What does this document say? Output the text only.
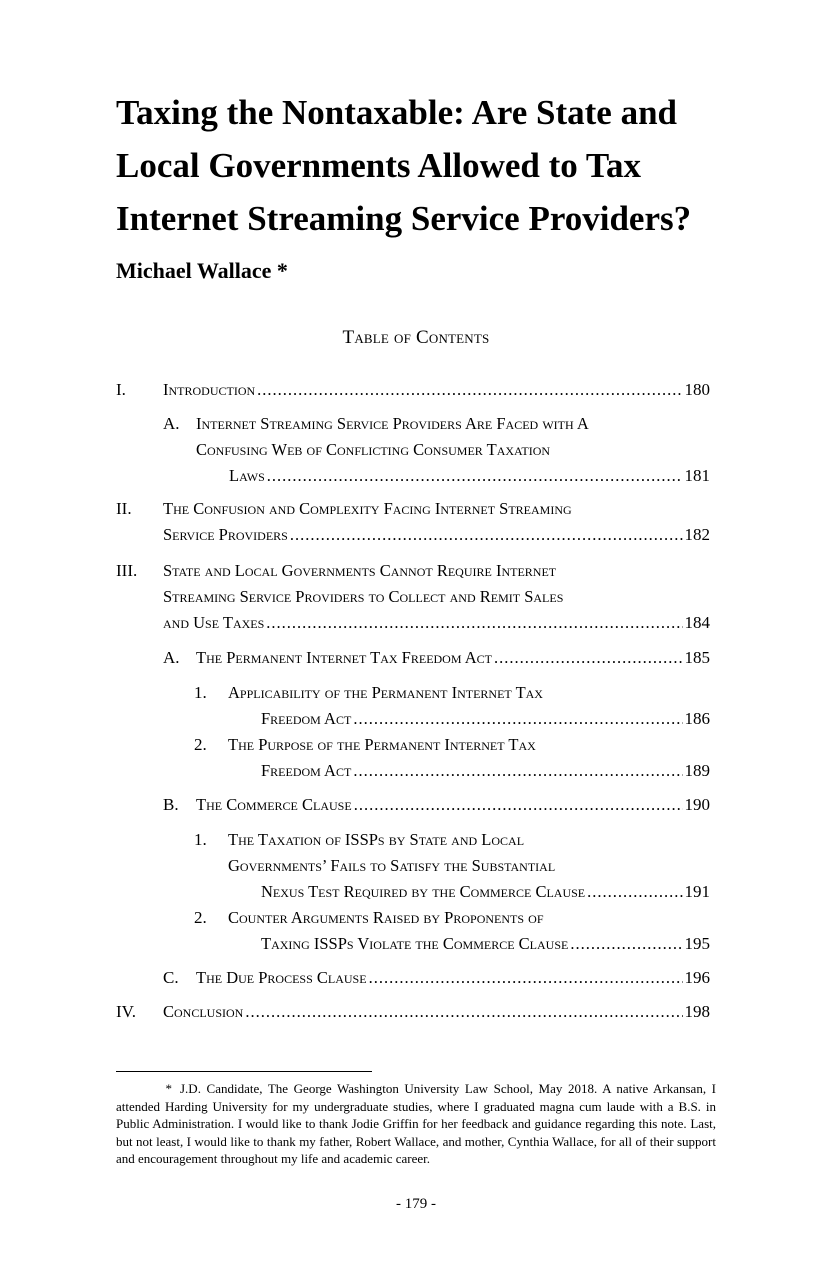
Taxing the Nontaxable: Are State and
Local Governments Allowed to Tax
Internet Streaming Service Providers?

Michael Wallace *

Table of Contents

I. Introduction .....	180
A. Internet Streaming Service Providers Are Faced with A
Confusing Web of Conflicting Consumer Taxation
Laws .....	181
II. The Confusion and Complexity Facing Internet Streaming
Service Providers .....	182
III. State and Local Governments Cannot Require Internet
Streaming Service Providers to Collect and Remit Sales
and Use Taxes .....	184
A. The Permanent Internet Tax Freedom Act .....	185
1. Applicability of the Permanent Internet Tax
Freedom Act .....	186
2. The Purpose of the Permanent Internet Tax
Freedom Act .....	189
B. The Commerce Clause .....	190
1. The Taxation of ISSPs by State and Local
Governments’ Fails to Satisfy the Substantial
Nexus Test Required by the Commerce Clause .....	191
2. Counter Arguments Raised by Proponents of
Taxing ISSPs Violate the Commerce Clause .....	195
C. The Due Process Clause .....	196
IV. Conclusion .....	198

* J.D. Candidate, The George Washington University Law School, May 2018. A native Arkansan, I attended Harding University for my undergraduate studies, where I graduated magna cum laude with a B.S. in Public Administration. I would like to thank Jodie Griffin for her feedback and guidance regarding this note. Last, but not least, I would like to thank my father, Robert Wallace, and mother, Cynthia Wallace, for all of their support and encouragement throughout my life and academic career.

- 179 -
